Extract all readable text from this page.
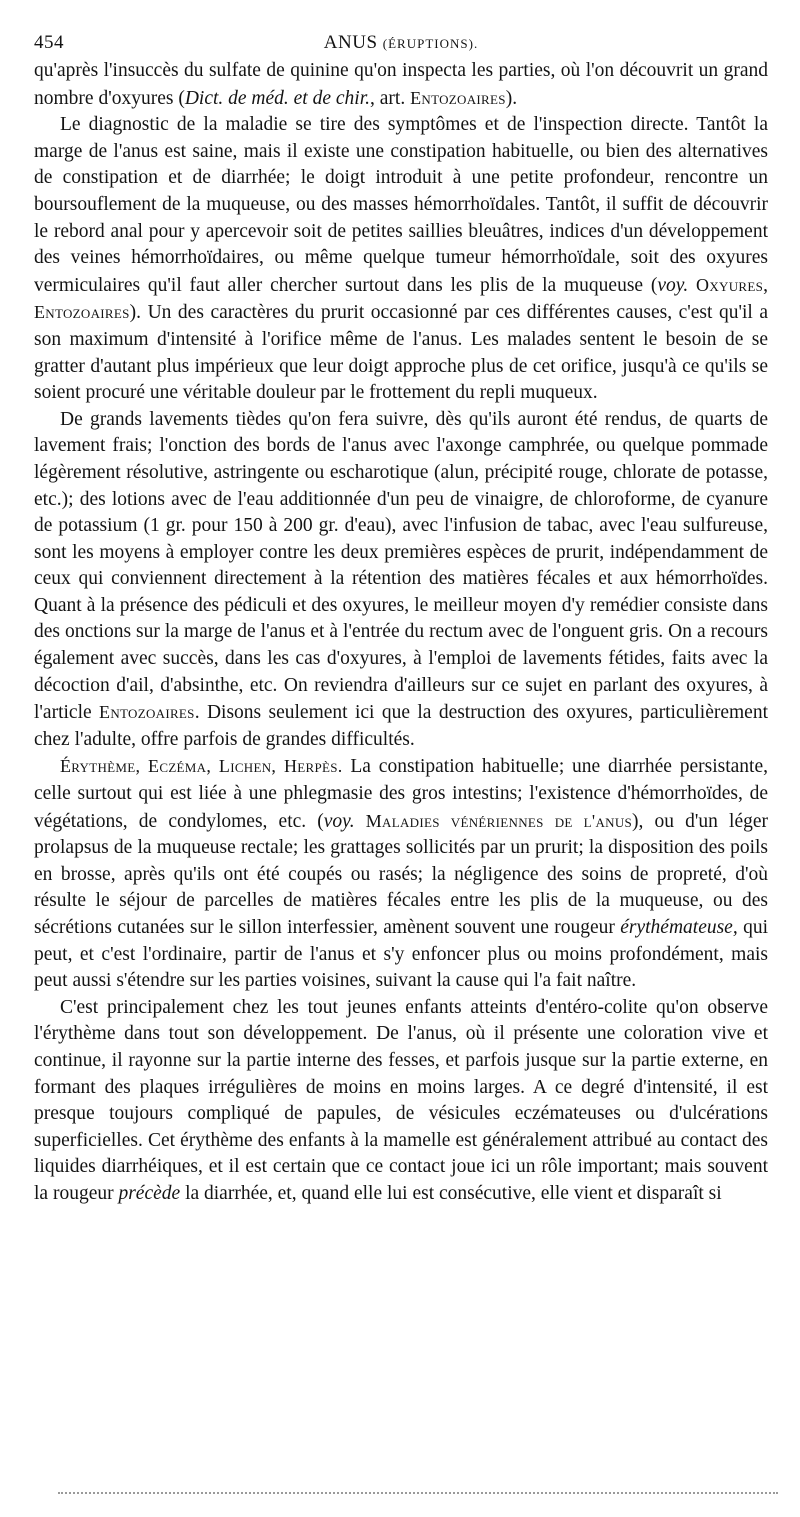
454	ANUS (ÉRUPTIONS).

qu'après l'insuccès du sulfate de quinine qu'on inspecta les parties, où l'on découvrit un grand nombre d'oxyures (Dict. de méd. et de chir., art. Entozoaires).

Le diagnostic de la maladie se tire des symptômes et de l'inspection directe. Tantôt la marge de l'anus est saine, mais il existe une constipation habituelle, ou bien des alternatives de constipation et de diarrhée; le doigt introduit à une petite profondeur, rencontre un boursouflement de la muqueuse, ou des masses hémorrhoïdales. Tantôt, il suffit de découvrir le rebord anal pour y apercevoir soit de petites saillies bleuâtres, indices d'un développement des veines hémorrhoïdaires, ou même quelque tumeur hémorrhoïdale, soit des oxyures vermiculaires qu'il faut aller chercher surtout dans les plis de la muqueuse (voy. Oxyures, Entozoaires). Un des caractères du prurit occasionné par ces différentes causes, c'est qu'il a son maximum d'intensité à l'orifice même de l'anus. Les malades sentent le besoin de se gratter d'autant plus impérieux que leur doigt approche plus de cet orifice, jusqu'à ce qu'ils se soient procuré une véritable douleur par le frottement du repli muqueux.

De grands lavements tièdes qu'on fera suivre, dès qu'ils auront été rendus, de quarts de lavement frais; l'onction des bords de l'anus avec l'axonge camphrée, ou quelque pommade légèrement résolutive, astringente ou escharotique (alun, précipité rouge, chlorate de potasse, etc.); des lotions avec de l'eau additionnée d'un peu de vinaigre, de chloroforme, de cyanure de potassium (1 gr. pour 150 à 200 gr. d'eau), avec l'infusion de tabac, avec l'eau sulfureuse, sont les moyens à employer contre les deux premières espèces de prurit, indépendamment de ceux qui conviennent directement à la rétention des matières fécales et aux hémorrhoïdes. Quant à la présence des pédiculi et des oxyures, le meilleur moyen d'y remédier consiste dans des onctions sur la marge de l'anus et à l'entrée du rectum avec de l'onguent gris. On a recours également avec succès, dans les cas d'oxyures, à l'emploi de lavements fétides, faits avec la décoction d'ail, d'absinthe, etc. On reviendra d'ailleurs sur ce sujet en parlant des oxyures, à l'article Entozoaires. Disons seulement ici que la destruction des oxyures, particulièrement chez l'adulte, offre parfois de grandes difficultés.

Érythème, Eczéma, Lichen, Herpès. La constipation habituelle; une diarrhée persistante, celle surtout qui est liée à une phlegmasie des gros intestins; l'existence d'hémorrhoïdes, de végétations, de condylomes, etc. (voy. Maladies vénériennes de l'anus), ou d'un léger prolapsus de la muqueuse rectale; les grattages sollicités par un prurit; la disposition des poils en brosse, après qu'ils ont été coupés ou rasés; la négligence des soins de propreté, d'où résulte le séjour de parcelles de matières fécales entre les plis de la muqueuse, ou des sécrétions cutanées sur le sillon interfessier, amènent souvent une rougeur érythémateuse, qui peut, et c'est l'ordinaire, partir de l'anus et s'y enfoncer plus ou moins profondément, mais peut aussi s'étendre sur les parties voisines, suivant la cause qui l'a fait naître.

C'est principalement chez les tout jeunes enfants atteints d'entéro-colite qu'on observe l'érythème dans tout son développement. De l'anus, où il présente une coloration vive et continue, il rayonne sur la partie interne des fesses, et parfois jusque sur la partie externe, en formant des plaques irrégulières de moins en moins larges. A ce degré d'intensité, il est presque toujours compliqué de papules, de vésicules eczémateuses ou d'ulcérations superficielles. Cet érythème des enfants à la mamelle est généralement attribué au contact des liquides diarrhéiques, et il est certain que ce contact joue ici un rôle important; mais souvent la rougeur précède la diarrhée, et, quand elle lui est consécutive, elle vient et disparaît si
